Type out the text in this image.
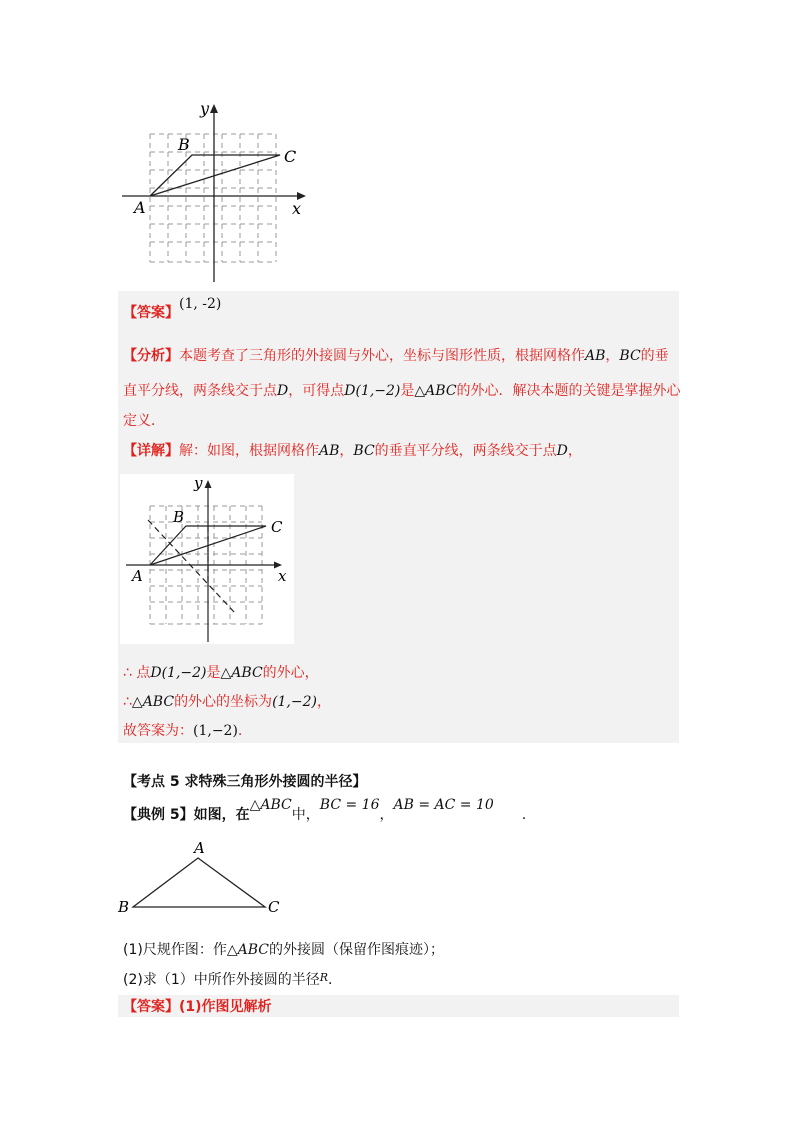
y
x
A
B
C
【答案】(1, -2)
【分析】本题考查了三角形的外接圆与外心，坐标与图形性质，根据网格作AB，BC的垂
直平分线，两条线交于点D，可得点D(1,−2)是△ABC的外心．解决本题的关键是掌握外心
定义．
【详解】解：如图，根据网格作AB，BC的垂直平分线，两条线交于点D，
y
x
A
B
C
∴ 点D(1,−2)是△ABC的外心，
∴△ABC的外心的坐标为(1,−2)，
故答案为：(1,−2).
【考点 5 求特殊三角形外接圆的半径】
【典例 5】如图，在△ABC中，BC = 16，AB = AC = 10.
A
B	C
(1)尺规作图：作△ABC的外接圆（保留作图痕迹）；
(2)求（1）中所作外接圆的半径$^R$.
【答案】(1)作图见解析
